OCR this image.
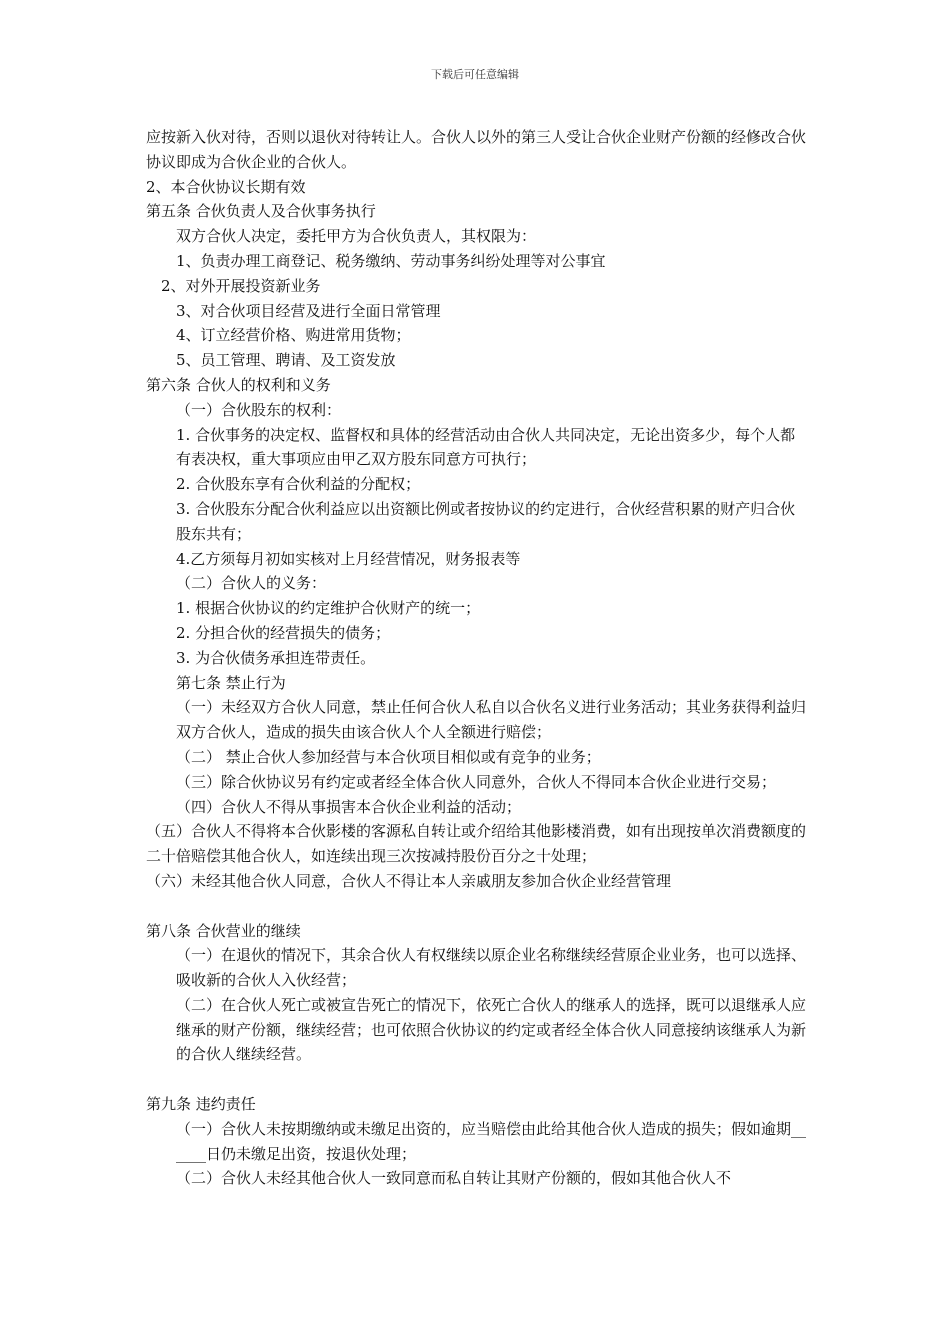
下载后可任意编辑

应按新入伙对待，否则以退伙对待转让人。合伙人以外的第三人受让合伙企业财产份额的经修改合伙协议即成为合伙企业的合伙人。

2、本合伙协议长期有效

第五条 合伙负责人及合伙事务执行

双方合伙人决定，委托甲方为合伙负责人，其权限为：

1、负责办理工商登记、税务缴纳、劳动事务纠纷处理等对公事宜

2、对外开展投资新业务

3、对合伙项目经营及进行全面日常管理

4、订立经营价格、购进常用货物；

5、员工管理、聘请、及工资发放

第六条 合伙人的权利和义务

（一）合伙股东的权利：

1. 合伙事务的决定权、监督权和具体的经营活动由合伙人共同决定，无论出资多少，每个人都有表决权，重大事项应由甲乙双方股东同意方可执行；

2. 合伙股东享有合伙利益的分配权；

3. 合伙股东分配合伙利益应以出资额比例或者按协议的约定进行，合伙经营积累的财产归合伙股东共有；

4.乙方须每月初如实核对上月经营情况，财务报表等

（二）合伙人的义务：

1. 根据合伙协议的约定维护合伙财产的统一；

2. 分担合伙的经营损失的债务；

3. 为合伙债务承担连带责任。

第七条 禁止行为

（一）未经双方合伙人同意，禁止任何合伙人私自以合伙名义进行业务活动；其业务获得利益归双方合伙人，造成的损失由该合伙人个人全额进行赔偿；

（二） 禁止合伙人参加经营与本合伙项目相似或有竞争的业务；

（三）除合伙协议另有约定或者经全体合伙人同意外，合伙人不得同本合伙企业进行交易；

（四）合伙人不得从事损害本合伙企业利益的活动；

（五）合伙人不得将本合伙影楼的客源私自转让或介绍给其他影楼消费，如有出现按单次消费额度的二十倍赔偿其他合伙人，如连续出现三次按减持股份百分之十处理；

（六）未经其他合伙人同意，合伙人不得让本人亲戚朋友参加合伙企业经营管理

第八条 合伙营业的继续

（一）在退伙的情况下，其余合伙人有权继续以原企业名称继续经营原企业业务，也可以选择、吸收新的合伙人入伙经营；

（二）在合伙人死亡或被宣告死亡的情况下，依死亡合伙人的继承人的选择，既可以退继承人应继承的财产份额，继续经营；也可依照合伙协议的约定或者经全体合伙人同意接纳该继承人为新的合伙人继续经营。

第九条 违约责任

（一）合伙人未按期缴纳或未缴足出资的，应当赔偿由此给其他合伙人造成的损失；假如逾期______日仍未缴足出资，按退伙处理；

（二）合伙人未经其他合伙人一致同意而私自转让其财产份额的，假如其他合伙人不
